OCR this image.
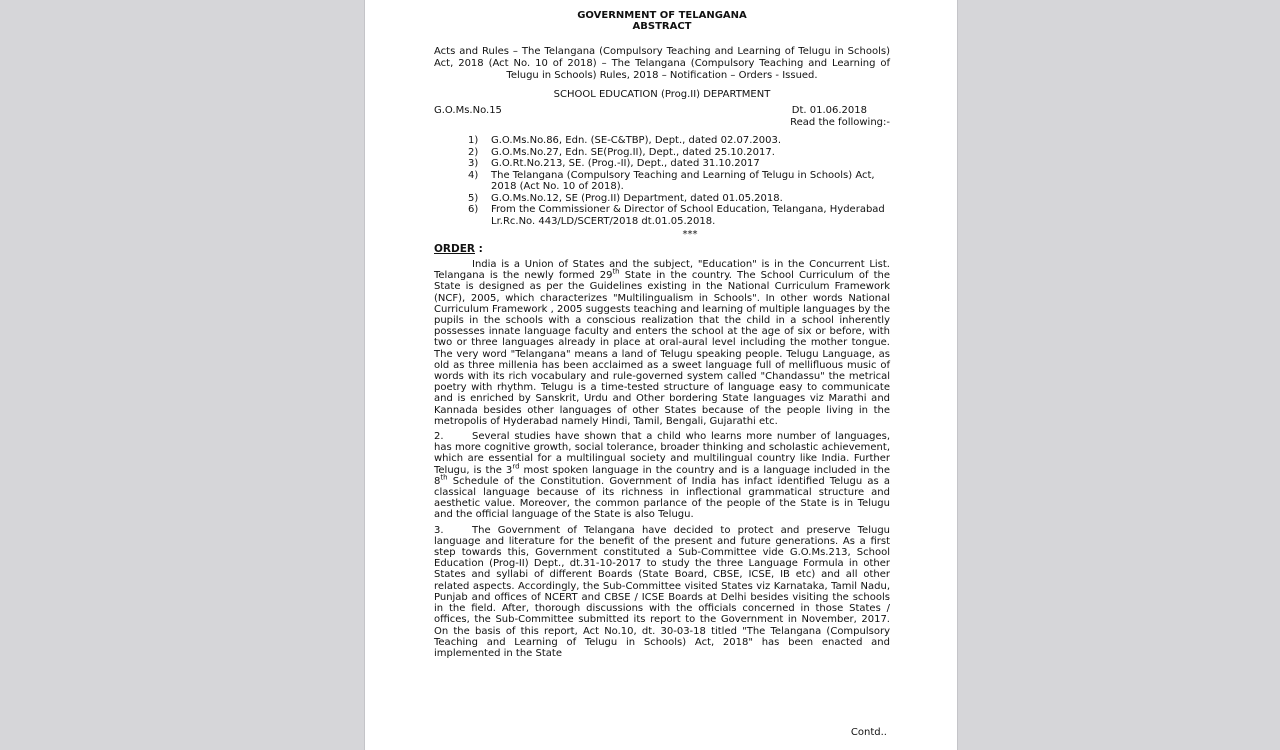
GOVERNMENT OF TELANGANA
ABSTRACT
Acts and Rules – The Telangana (Compulsory Teaching and Learning of Telugu in Schools) Act, 2018 (Act No. 10 of 2018) – The Telangana (Compulsory Teaching and Learning of Telugu in Schools) Rules, 2018 – Notification – Orders - Issued.
SCHOOL EDUCATION (Prog.II) DEPARTMENT
G.O.Ms.No.15	Dt. 01.06.2018
Read the following:-
1) G.O.Ms.No.86, Edn. (SE-C&TBP), Dept., dated 02.07.2003.
2) G.O.Ms.No.27, Edn. SE(Prog.II), Dept., dated 25.10.2017.
3) G.O.Rt.No.213, SE. (Prog.-II), Dept., dated 31.10.2017
4) The Telangana (Compulsory Teaching and Learning of Telugu in Schools) Act, 2018 (Act No. 10 of 2018).
5) G.O.Ms.No.12, SE (Prog.II) Department, dated 01.05.2018.
6) From the Commissioner & Director of School Education, Telangana, Hyderabad Lr.Rc.No. 443/LD/SCERT/2018 dt.01.05.2018.
***
ORDER :
India is a Union of States and the subject, "Education" is in the Concurrent List. Telangana is the newly formed 29th State in the country. The School Curriculum of the State is designed as per the Guidelines existing in the National Curriculum Framework (NCF), 2005, which characterizes "Multilingualism in Schools". In other words National Curriculum Framework , 2005 suggests teaching and learning of multiple languages by the pupils in the schools with a conscious realization that the child in a school inherently possesses innate language faculty and enters the school at the age of six or before, with two or three languages already in place at oral-aural level including the mother tongue. The very word "Telangana" means a land of Telugu speaking people. Telugu Language, as old as three millenia has been acclaimed as a sweet language full of mellifluous music of words with its rich vocabulary and rule-governed system called "Chandassu" the metrical poetry with rhythm. Telugu is a time-tested structure of language easy to communicate and is enriched by Sanskrit, Urdu and Other bordering State languages viz Marathi and Kannada besides other languages of other States because of the people living in the metropolis of Hyderabad namely Hindi, Tamil, Bengali, Gujarathi etc.
2.	Several studies have shown that a child who learns more number of languages, has more cognitive growth, social tolerance, broader thinking and scholastic achievement, which are essential for a multilingual society and multilingual country like India. Further Telugu, is the 3rd most spoken language in the country and is a language included in the 8th Schedule of the Constitution. Government of India has infact identified Telugu as a classical language because of its richness in inflectional grammatical structure and aesthetic value. Moreover, the common parlance of the people of the State is in Telugu and the official language of the State is also Telugu.
3.	The Government of Telangana have decided to protect and preserve Telugu language and literature for the benefit of the present and future generations. As a first step towards this, Government constituted a Sub-Committee vide G.O.Ms.213, School Education (Prog-II) Dept., dt.31-10-2017 to study the three Language Formula in other States and syllabi of different Boards (State Board, CBSE, ICSE, IB etc) and all other related aspects. Accordingly, the Sub-Committee visited States viz Karnataka, Tamil Nadu, Punjab and offices of NCERT and CBSE / ICSE Boards at Delhi besides visiting the schools in the field. After, thorough discussions with the officials concerned in those States / offices, the Sub-Committee submitted its report to the Government in November, 2017. On the basis of this report, Act No.10, dt. 30-03-18 titled "The Telangana (Compulsory Teaching and Learning of Telugu in Schools) Act, 2018" has been enacted and implemented in the State
Contd..
